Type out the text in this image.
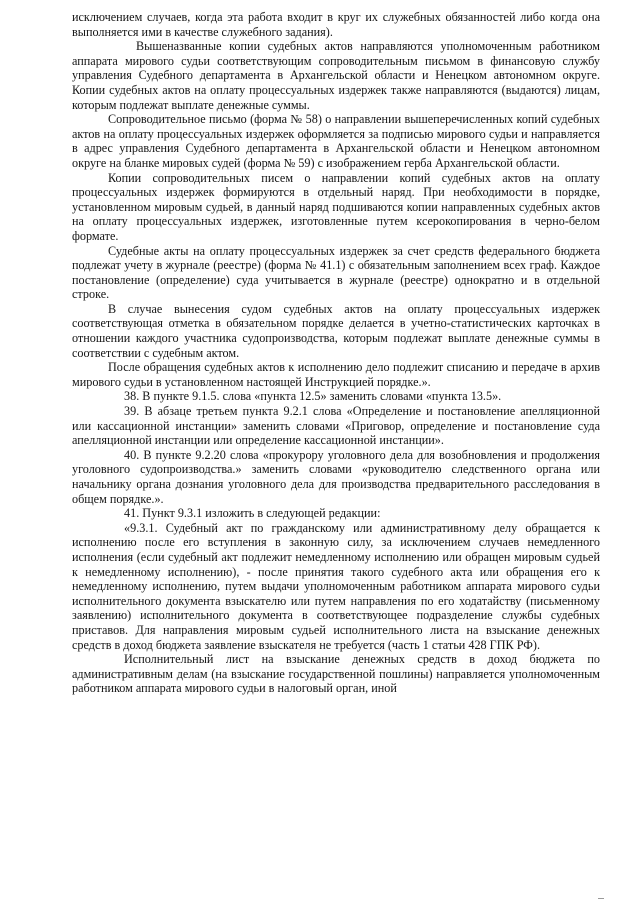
исключением случаев, когда эта работа входит в круг их служебных обязанностей либо когда она выполняется ими в качестве служебного задания).

Вышеназванные копии судебных актов направляются уполномоченным работником аппарата мирового судьи соответствующим сопроводительным письмом в финансовую службу управления Судебного департамента в Архангельской области и Ненецком автономном округе. Копии судебных актов на оплату процессуальных издержек также направляются (выдаются) лицам, которым подлежат выплате денежные суммы.

Сопроводительное письмо (форма № 58) о направлении вышеперечисленных копий судебных актов на оплату процессуальных издержек оформляется за подписью мирового судьи и направляется в адрес управления Судебного департамента в Архангельской области и Ненецком автономном округе на бланке мировых судей (форма № 59) с изображением герба Архангельской области.

Копии сопроводительных писем о направлении копий судебных актов на оплату процессуальных издержек формируются в отдельный наряд. При необходимости в порядке, установленном мировым судьей, в данный наряд подшиваются копии направленных судебных актов на оплату процессуальных издержек, изготовленные путем ксерокопирования в черно-белом формате.

Судебные акты на оплату процессуальных издержек за счет средств федерального бюджета подлежат учету в журнале (реестре) (форма № 41.1) с обязательным заполнением всех граф. Каждое постановление (определение) суда учитывается в журнале (реестре) однократно и в отдельной строке.

В случае вынесения судом судебных актов на оплату процессуальных издержек соответствующая отметка в обязательном порядке делается в учетно-статистических карточках в отношении каждого участника судопроизводства, которым подлежат выплате денежные суммы в соответствии с судебным актом.

После обращения судебных актов к исполнению дело подлежит списанию и передаче в архив мирового судьи в установленном настоящей Инструкцией порядке.».

38. В пункте 9.1.5. слова «пункта 12.5» заменить словами «пункта 13.5».

39. В абзаце третьем пункта 9.2.1 слова «Определение и постановление апелляционной или кассационной инстанции» заменить словами «Приговор, определение и постановление суда апелляционной инстанции или определение кассационной инстанции».

40. В пункте 9.2.20 слова «прокурору уголовного дела для возобновления и продолжения уголовного судопроизводства.» заменить словами «руководителю следственного органа или начальнику органа дознания уголовного дела для производства предварительного расследования в общем порядке.».

41. Пункт 9.3.1 изложить в следующей редакции:

«9.3.1. Судебный акт по гражданскому или административному делу обращается к исполнению после его вступления в законную силу, за исключением случаев немедленного исполнения (если судебный акт подлежит немедленному исполнению или обращен мировым судьей к немедленному исполнению), - после принятия такого судебного акта или обращения его к немедленному исполнению, путем выдачи уполномоченным работником аппарата мирового судьи исполнительного документа взыскателю или путем направления по его ходатайству (письменному заявлению) исполнительного документа в соответствующее подразделение службы судебных приставов. Для направления мировым судьей исполнительного листа на взыскание денежных средств в доход бюджета заявление взыскателя не требуется (часть 1 статьи 428 ГПК РФ).

Исполнительный лист на взыскание денежных средств в доход бюджета по административным делам (на взыскание государственной пошлины) направляется уполномоченным работником аппарата мирового судьи в налоговый орган, иной
